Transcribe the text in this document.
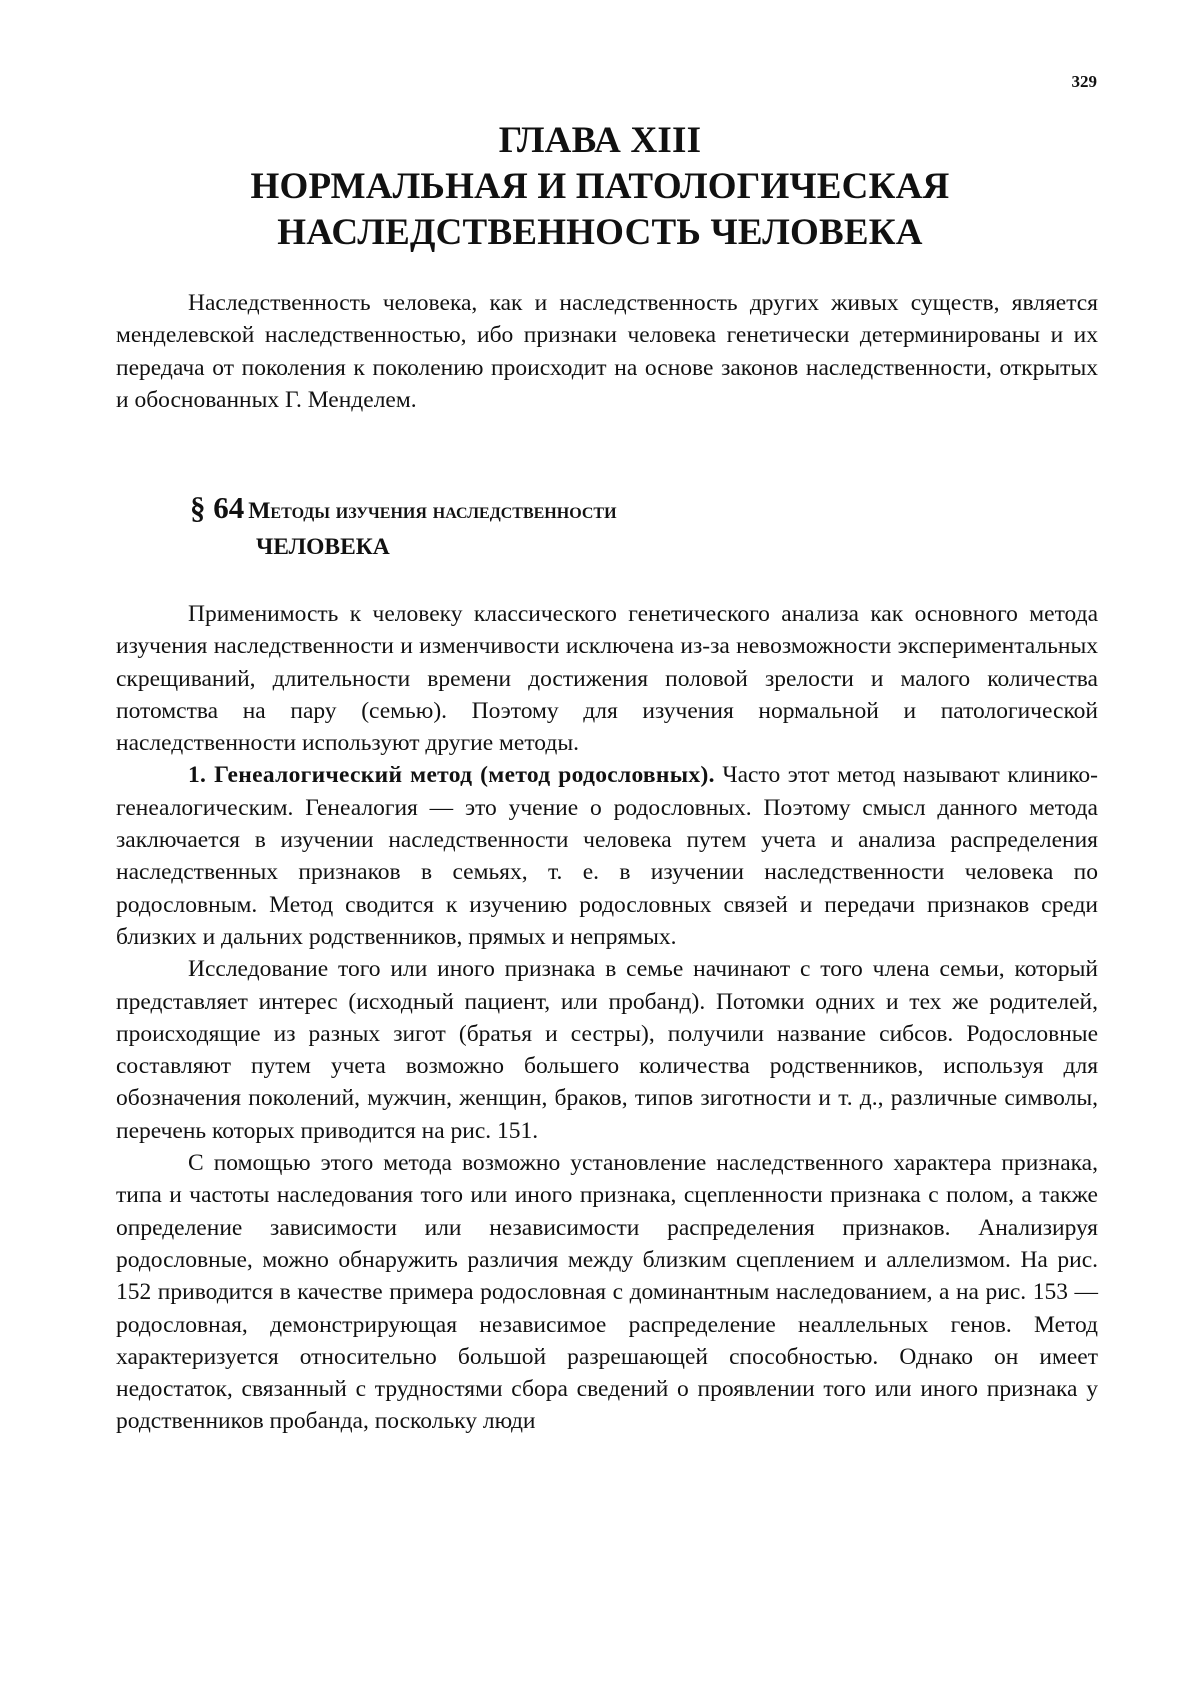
329
ГЛАВА XIII
НОРМАЛЬНАЯ И ПАТОЛОГИЧЕСКАЯ
НАСЛЕДСТВЕННОСТЬ ЧЕЛОВЕКА

Наследственность человека, как и наследственность других живых существ, является менделевской наследственностью, ибо признаки человека генетически детерминированы и их передача от поколения к поколению происходит на основе законов наследственности, открытых и обоснованных Г. Менделем.

§ 64 Методы изучения наследственности
ЧЕЛОВЕКА

Применимость к человеку классического генетического анализа как основного метода изучения наследственности и изменчивости исключена из-за невозможности экспериментальных скрещиваний, длительности времени достижения половой зрелости и малого количества потомства на пару (семью). Поэтому для изучения нормальной и патологической наследственности используют другие методы.

1. Генеалогический метод (метод родословных). Часто этот метод называют клинико-генеалогическим. Генеалогия — это учение о родословных. Поэтому смысл данного метода заключается в изучении наследственности человека путем учета и анализа распределения наследственных признаков в семьях, т. е. в изучении наследственности человека по родословным. Метод сводится к изучению родословных связей и передачи признаков среди близких и дальних родственников, прямых и непрямых.

Исследование того или иного признака в семье начинают с того члена семьи, который представляет интерес (исходный пациент, или пробанд). Потомки одних и тех же родителей, происходящие из разных зигот (братья и сестры), получили название сибсов. Родословные составляют путем учета возможно большего количества родственников, используя для обозначения поколений, мужчин, женщин, браков, типов зиготности и т. д., различные символы, перечень которых приводится на рис. 151.

С помощью этого метода возможно установление наследственного характера признака, типа и частоты наследования того или иного признака, сцепленности признака с полом, а также определение зависимости или независимости распределения признаков. Анализируя родословные, можно обнаружить различия между близким сцеплением и аллелизмом. На рис. 152 приводится в качестве примера родословная с доминантным наследованием, а на рис. 153 — родословная, демонстрирующая независимое распределение неаллельных генов. Метод характеризуется относительно большой разрешающей способностью. Однако он имеет недостаток, связанный с трудностями сбора сведений о проявлении того или иного признака у родственников пробанда, поскольку люди
